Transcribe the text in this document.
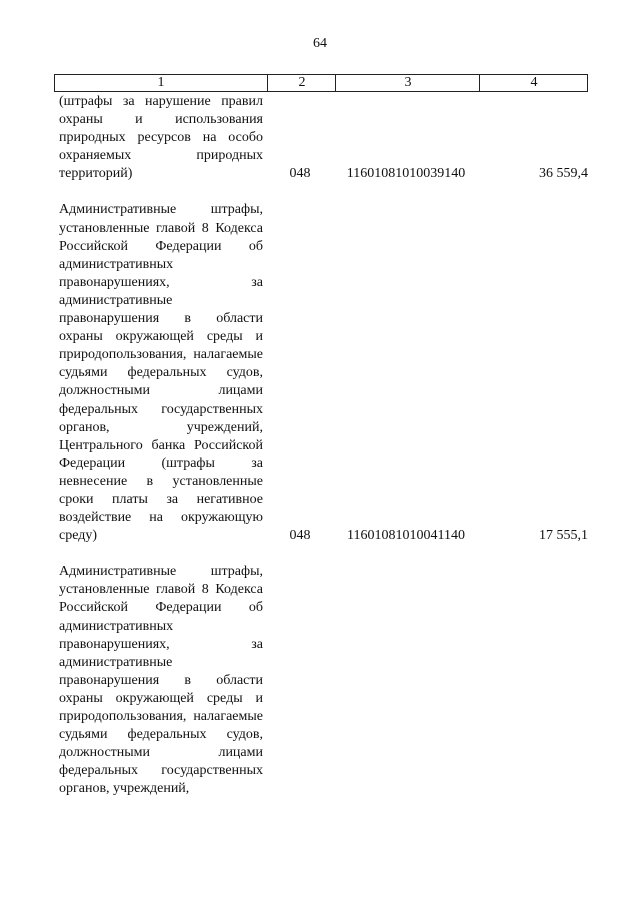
64
1	2	3	4
(штрафы за нарушение правил охраны и использования природных ресурсов на особо охраняемых природных территорий)	048	11601081010039140	36 559,4
Административные штрафы, установленные главой 8 Кодекса Российской Федерации об административных правонарушениях, за административные правонарушения в области охраны окружающей среды и природопользования, налагаемые судьями федеральных судов, должностными лицами федеральных государственных органов, учреждений, Центрального банка Российской Федерации (штрафы за невнесение в установленные сроки платы за негативное воздействие на окружающую среду)	048	11601081010041140	17 555,1
Административные штрафы, установленные главой 8 Кодекса Российской Федерации об административных правонарушениях, за административные правонарушения в области охраны окружающей среды и природопользования, налагаемые судьями федеральных судов, должностными лицами федеральных государственных органов, учреждений,
